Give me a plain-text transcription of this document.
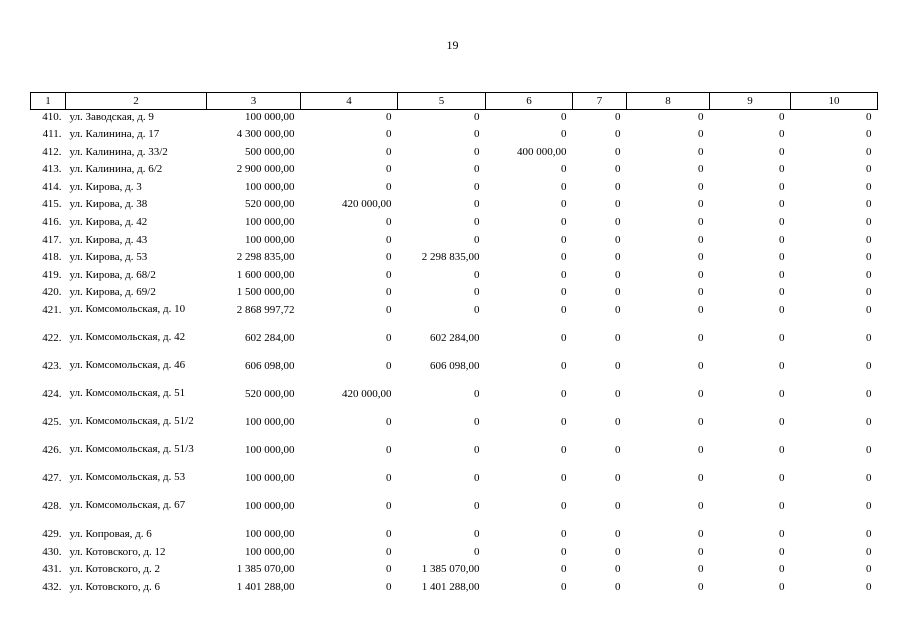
19
1	2	3	4	5	6	7	8	9	10
410.	ул. Заводская, д. 9	100 000,00	0	0	0	0	0	0	0
411.	ул. Калинина, д. 17	4 300 000,00	0	0	0	0	0	0	0
412.	ул. Калинина, д. 33/2	500 000,00	0	0	400 000,00	0	0	0	0
413.	ул. Калинина, д. 6/2	2 900 000,00	0	0	0	0	0	0	0
414.	ул. Кирова, д. 3	100 000,00	0	0	0	0	0	0	0
415.	ул. Кирова, д. 38	520 000,00	420 000,00	0	0	0	0	0	0
416.	ул. Кирова, д. 42	100 000,00	0	0	0	0	0	0	0
417.	ул. Кирова, д. 43	100 000,00	0	0	0	0	0	0	0
418.	ул. Кирова, д. 53	2 298 835,00	0	2 298 835,00	0	0	0	0	0
419.	ул. Кирова, д. 68/2	1 600 000,00	0	0	0	0	0	0	0
420.	ул. Кирова, д. 69/2	1 500 000,00	0	0	0	0	0	0	0
421.	ул. Комсомольская, д. 10	2 868 997,72	0	0	0	0	0	0	0
422.	ул. Комсомольская, д. 42	602 284,00	0	602 284,00	0	0	0	0	0
423.	ул. Комсомольская, д. 46	606 098,00	0	606 098,00	0	0	0	0	0
424.	ул. Комсомольская, д. 51	520 000,00	420 000,00	0	0	0	0	0	0
425.	ул. Комсомольская, д. 51/2	100 000,00	0	0	0	0	0	0	0
426.	ул. Комсомольская, д. 51/3	100 000,00	0	0	0	0	0	0	0
427.	ул. Комсомольская, д. 53	100 000,00	0	0	0	0	0	0	0
428.	ул. Комсомольская, д. 67	100 000,00	0	0	0	0	0	0	0
429.	ул. Копровая, д. 6	100 000,00	0	0	0	0	0	0	0
430.	ул. Котовского, д. 12	100 000,00	0	0	0	0	0	0	0
431.	ул. Котовского, д. 2	1 385 070,00	0	1 385 070,00	0	0	0	0	0
432.	ул. Котовского, д. 6	1 401 288,00	0	1 401 288,00	0	0	0	0	0
